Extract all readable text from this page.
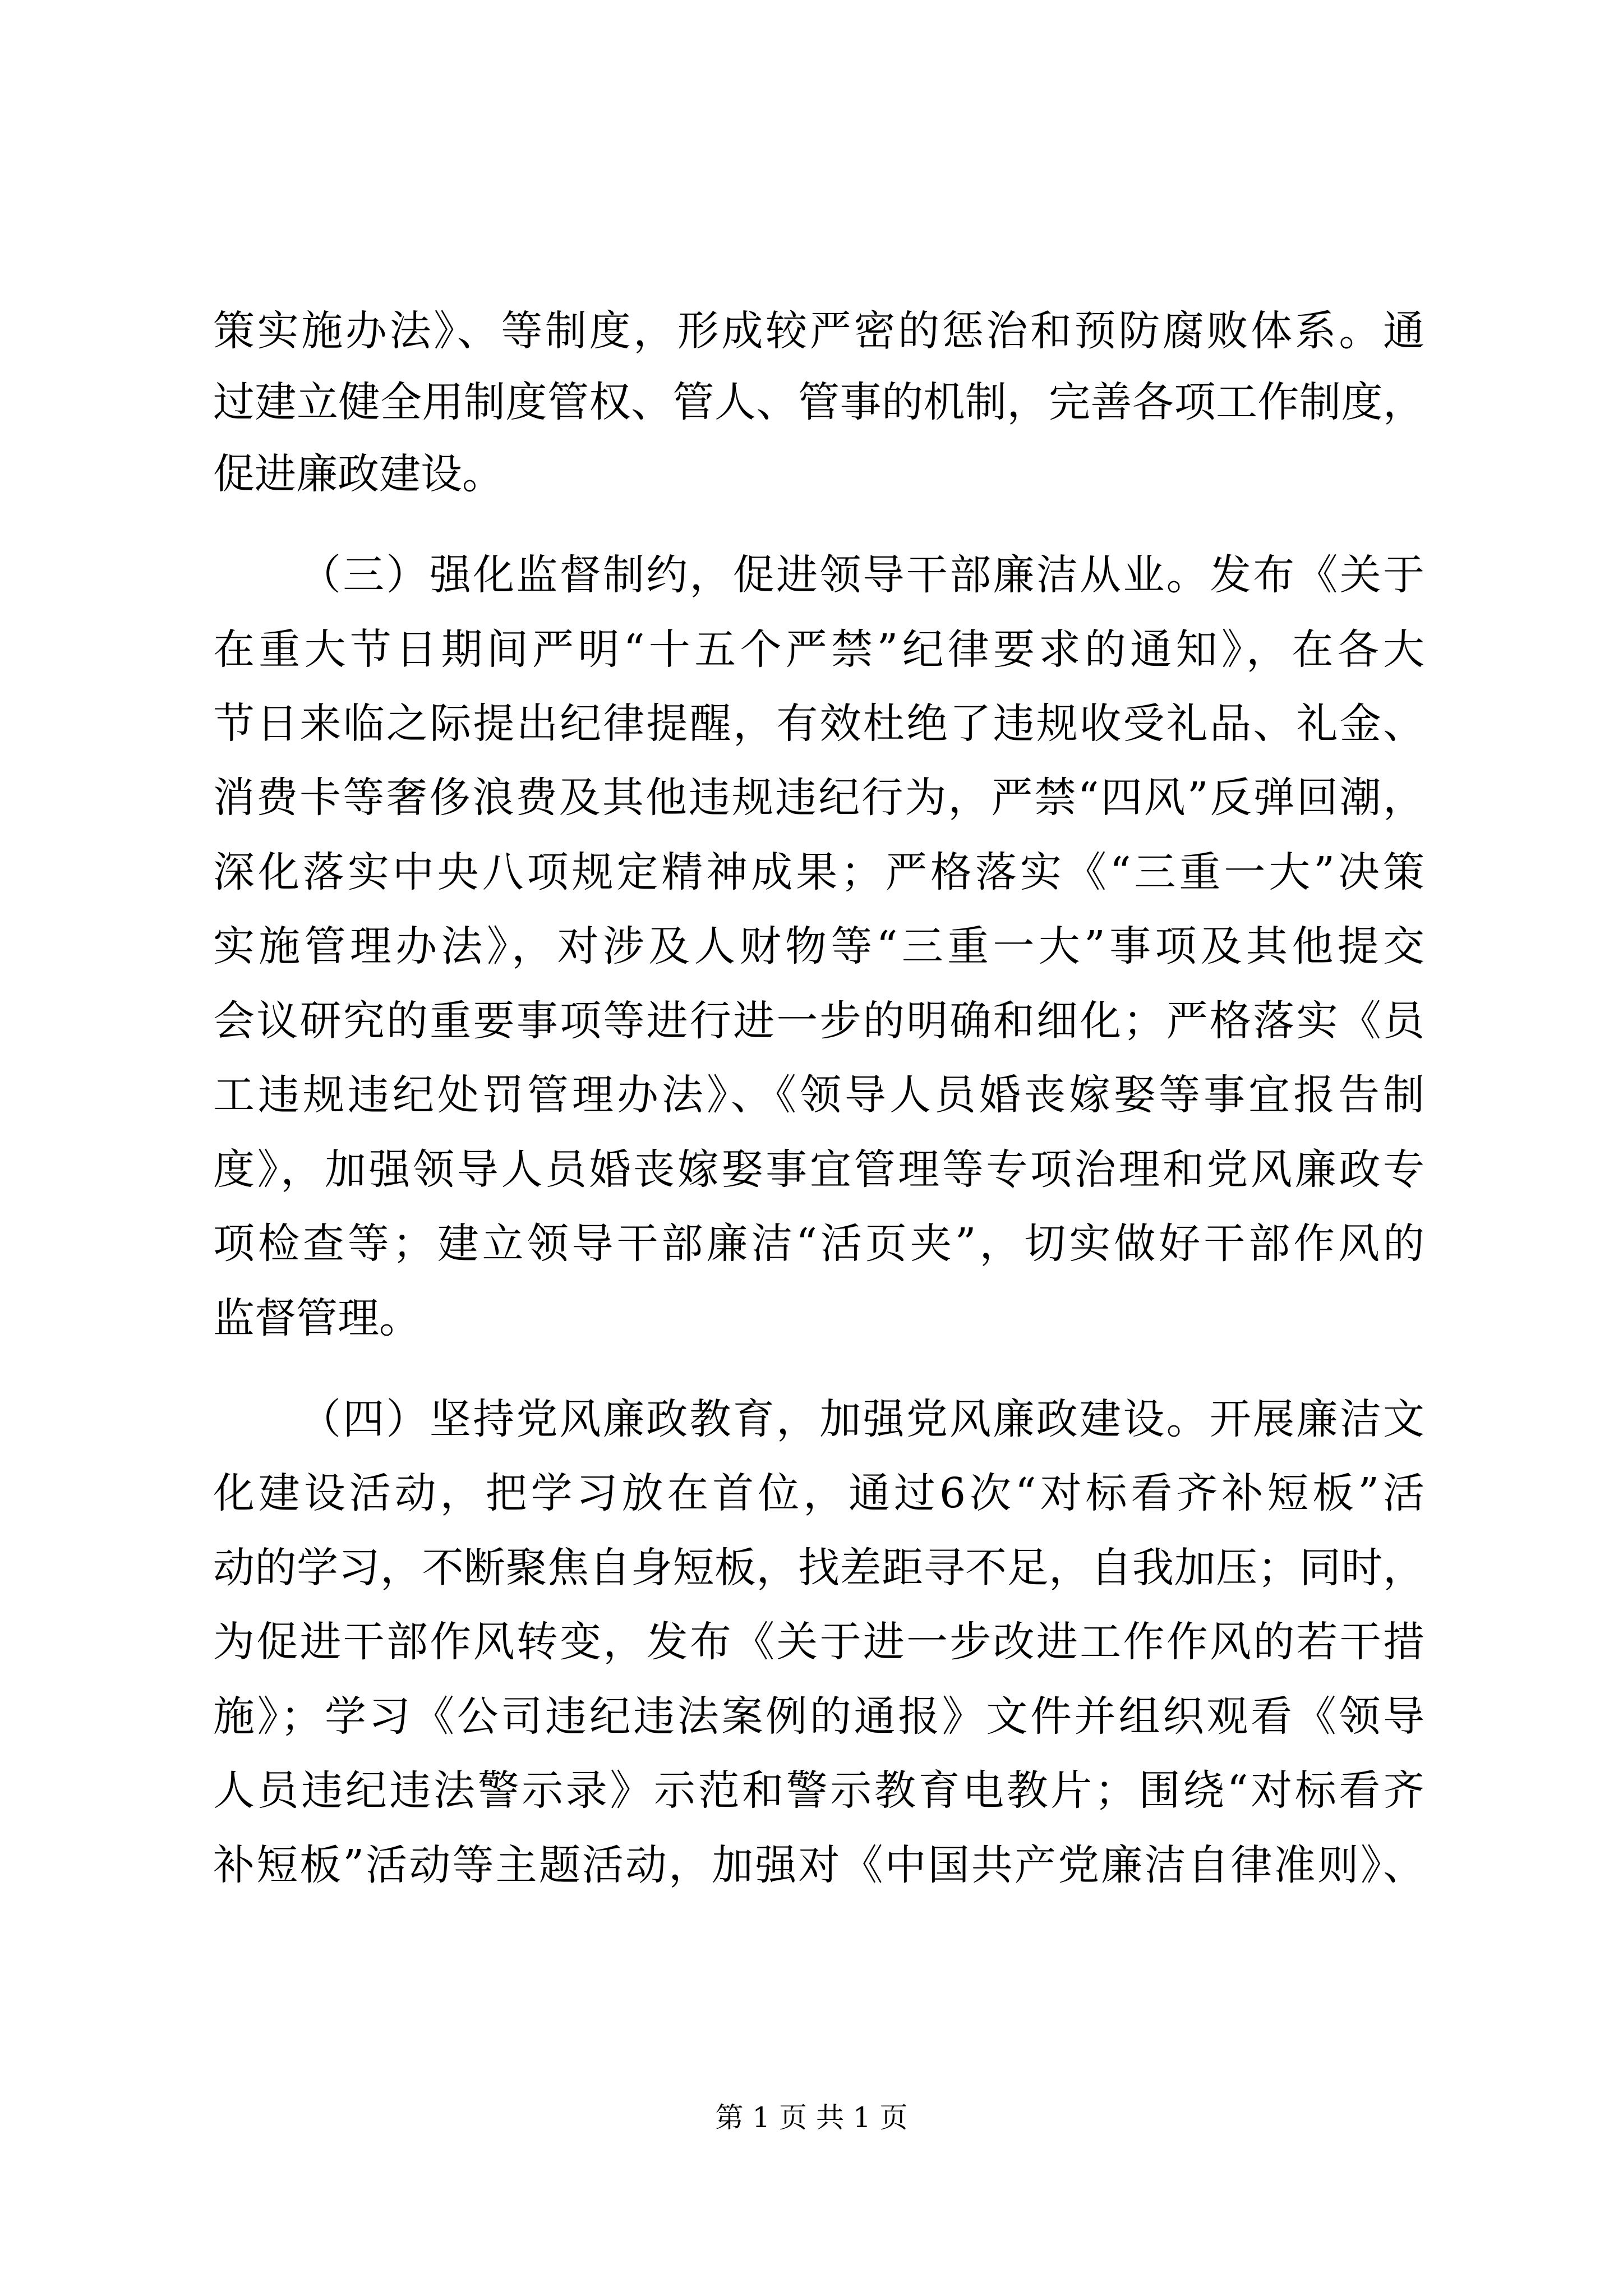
策实施办法》、等制度，形成较严密的惩治和预防腐败体系。通
过建立健全用制度管权、管人、管事的机制，完善各项工作制度，
促进廉政建设。
（三）强化监督制约，促进领导干部廉洁从业。发布《关于
在重大节日期间严明“十五个严禁”纪律要求的通知》，在各大
节日来临之际提出纪律提醒，有效杜绝了违规收受礼品、礼金、
消费卡等奢侈浪费及其他违规违纪行为，严禁“四风”反弹回潮，
深化落实中央八项规定精神成果；严格落实《“三重一大”决策
实施管理办法》，对涉及人财物等“三重一大”事项及其他提交
会议研究的重要事项等进行进一步的明确和细化；严格落实《员
工违规违纪处罚管理办法》、《领导人员婚丧嫁娶等事宜报告制
度》，加强领导人员婚丧嫁娶事宜管理等专项治理和党风廉政专
项检查等；建立领导干部廉洁“活页夹”，切实做好干部作风的
监督管理。
（四）坚持党风廉政教育，加强党风廉政建设。开展廉洁文
化建设活动，把学习放在首位，通过6次“对标看齐补短板”活
动的学习，不断聚焦自身短板，找差距寻不足，自我加压；同时，
为促进干部作风转变，发布《关于进一步改进工作作风的若干措
施》；学习《公司违纪违法案例的通报》文件并组织观看《领导
人员违纪违法警示录》示范和警示教育电教片；围绕“对标看齐
补短板”活动等主题活动，加强对《中国共产党廉洁自律准则》、
第 1 页 共 1 页
